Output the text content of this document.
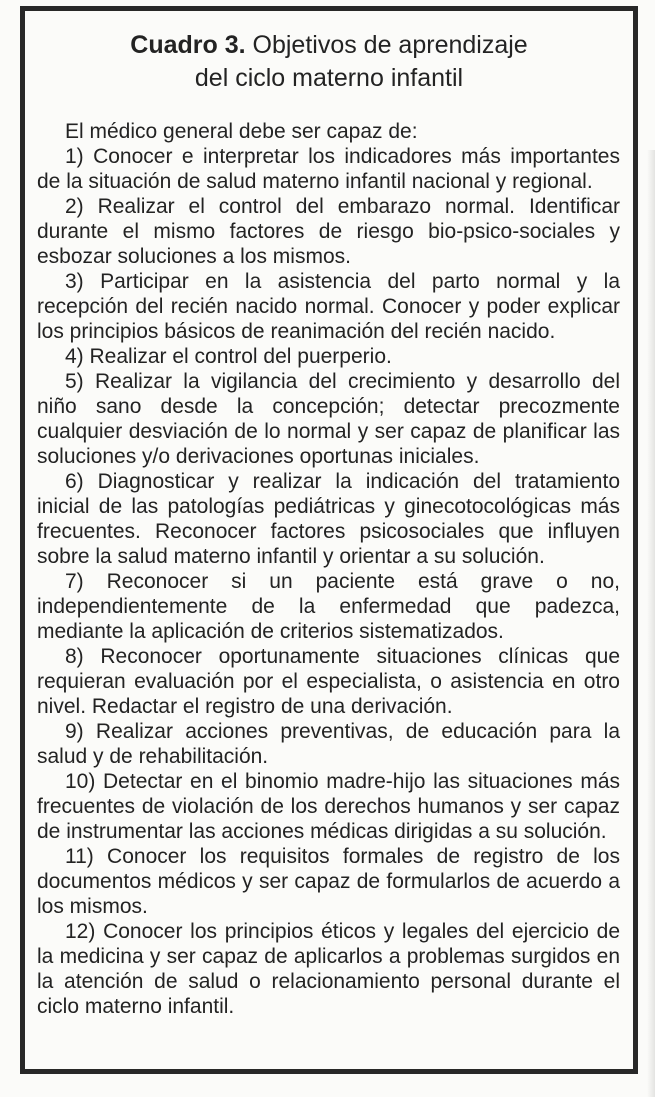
Cuadro 3. Objetivos de aprendizaje
del ciclo materno infantil

El médico general debe ser capaz de:

1) Conocer e interpretar los indicadores más importantes de la situación de salud materno infantil nacional y regional.

2) Realizar el control del embarazo normal. Identificar durante el mismo factores de riesgo bio-psico-sociales y esbozar soluciones a los mismos.

3) Participar en la asistencia del parto normal y la recepción del recién nacido normal. Conocer y poder explicar los principios básicos de reanimación del recién nacido.

4) Realizar el control del puerperio.

5) Realizar la vigilancia del crecimiento y desarrollo del niño sano desde la concepción; detectar precozmente cualquier desviación de lo normal y ser capaz de planificar las soluciones y/o derivaciones oportunas iniciales.

6) Diagnosticar y realizar la indicación del tratamiento inicial de las patologías pediátricas y ginecotocológicas más frecuentes. Reconocer factores psicosociales que influyen sobre la salud materno infantil y orientar a su solución.

7) Reconocer si un paciente está grave o no, independientemente de la enfermedad que padezca, mediante la aplicación de criterios sistematizados.

8) Reconocer oportunamente situaciones clínicas que requieran evaluación por el especialista, o asistencia en otro nivel. Redactar el registro de una derivación.

9) Realizar acciones preventivas, de educación para la salud y de rehabilitación.

10) Detectar en el binomio madre-hijo las situaciones más frecuentes de violación de los derechos humanos y ser capaz de instrumentar las acciones médicas dirigidas a su solución.

11) Conocer los requisitos formales de registro de los documentos médicos y ser capaz de formularlos de acuerdo a los mismos.

12) Conocer los principios éticos y legales del ejercicio de la medicina y ser capaz de aplicarlos a problemas surgidos en la atención de salud o relacionamiento personal durante el ciclo materno infantil.
